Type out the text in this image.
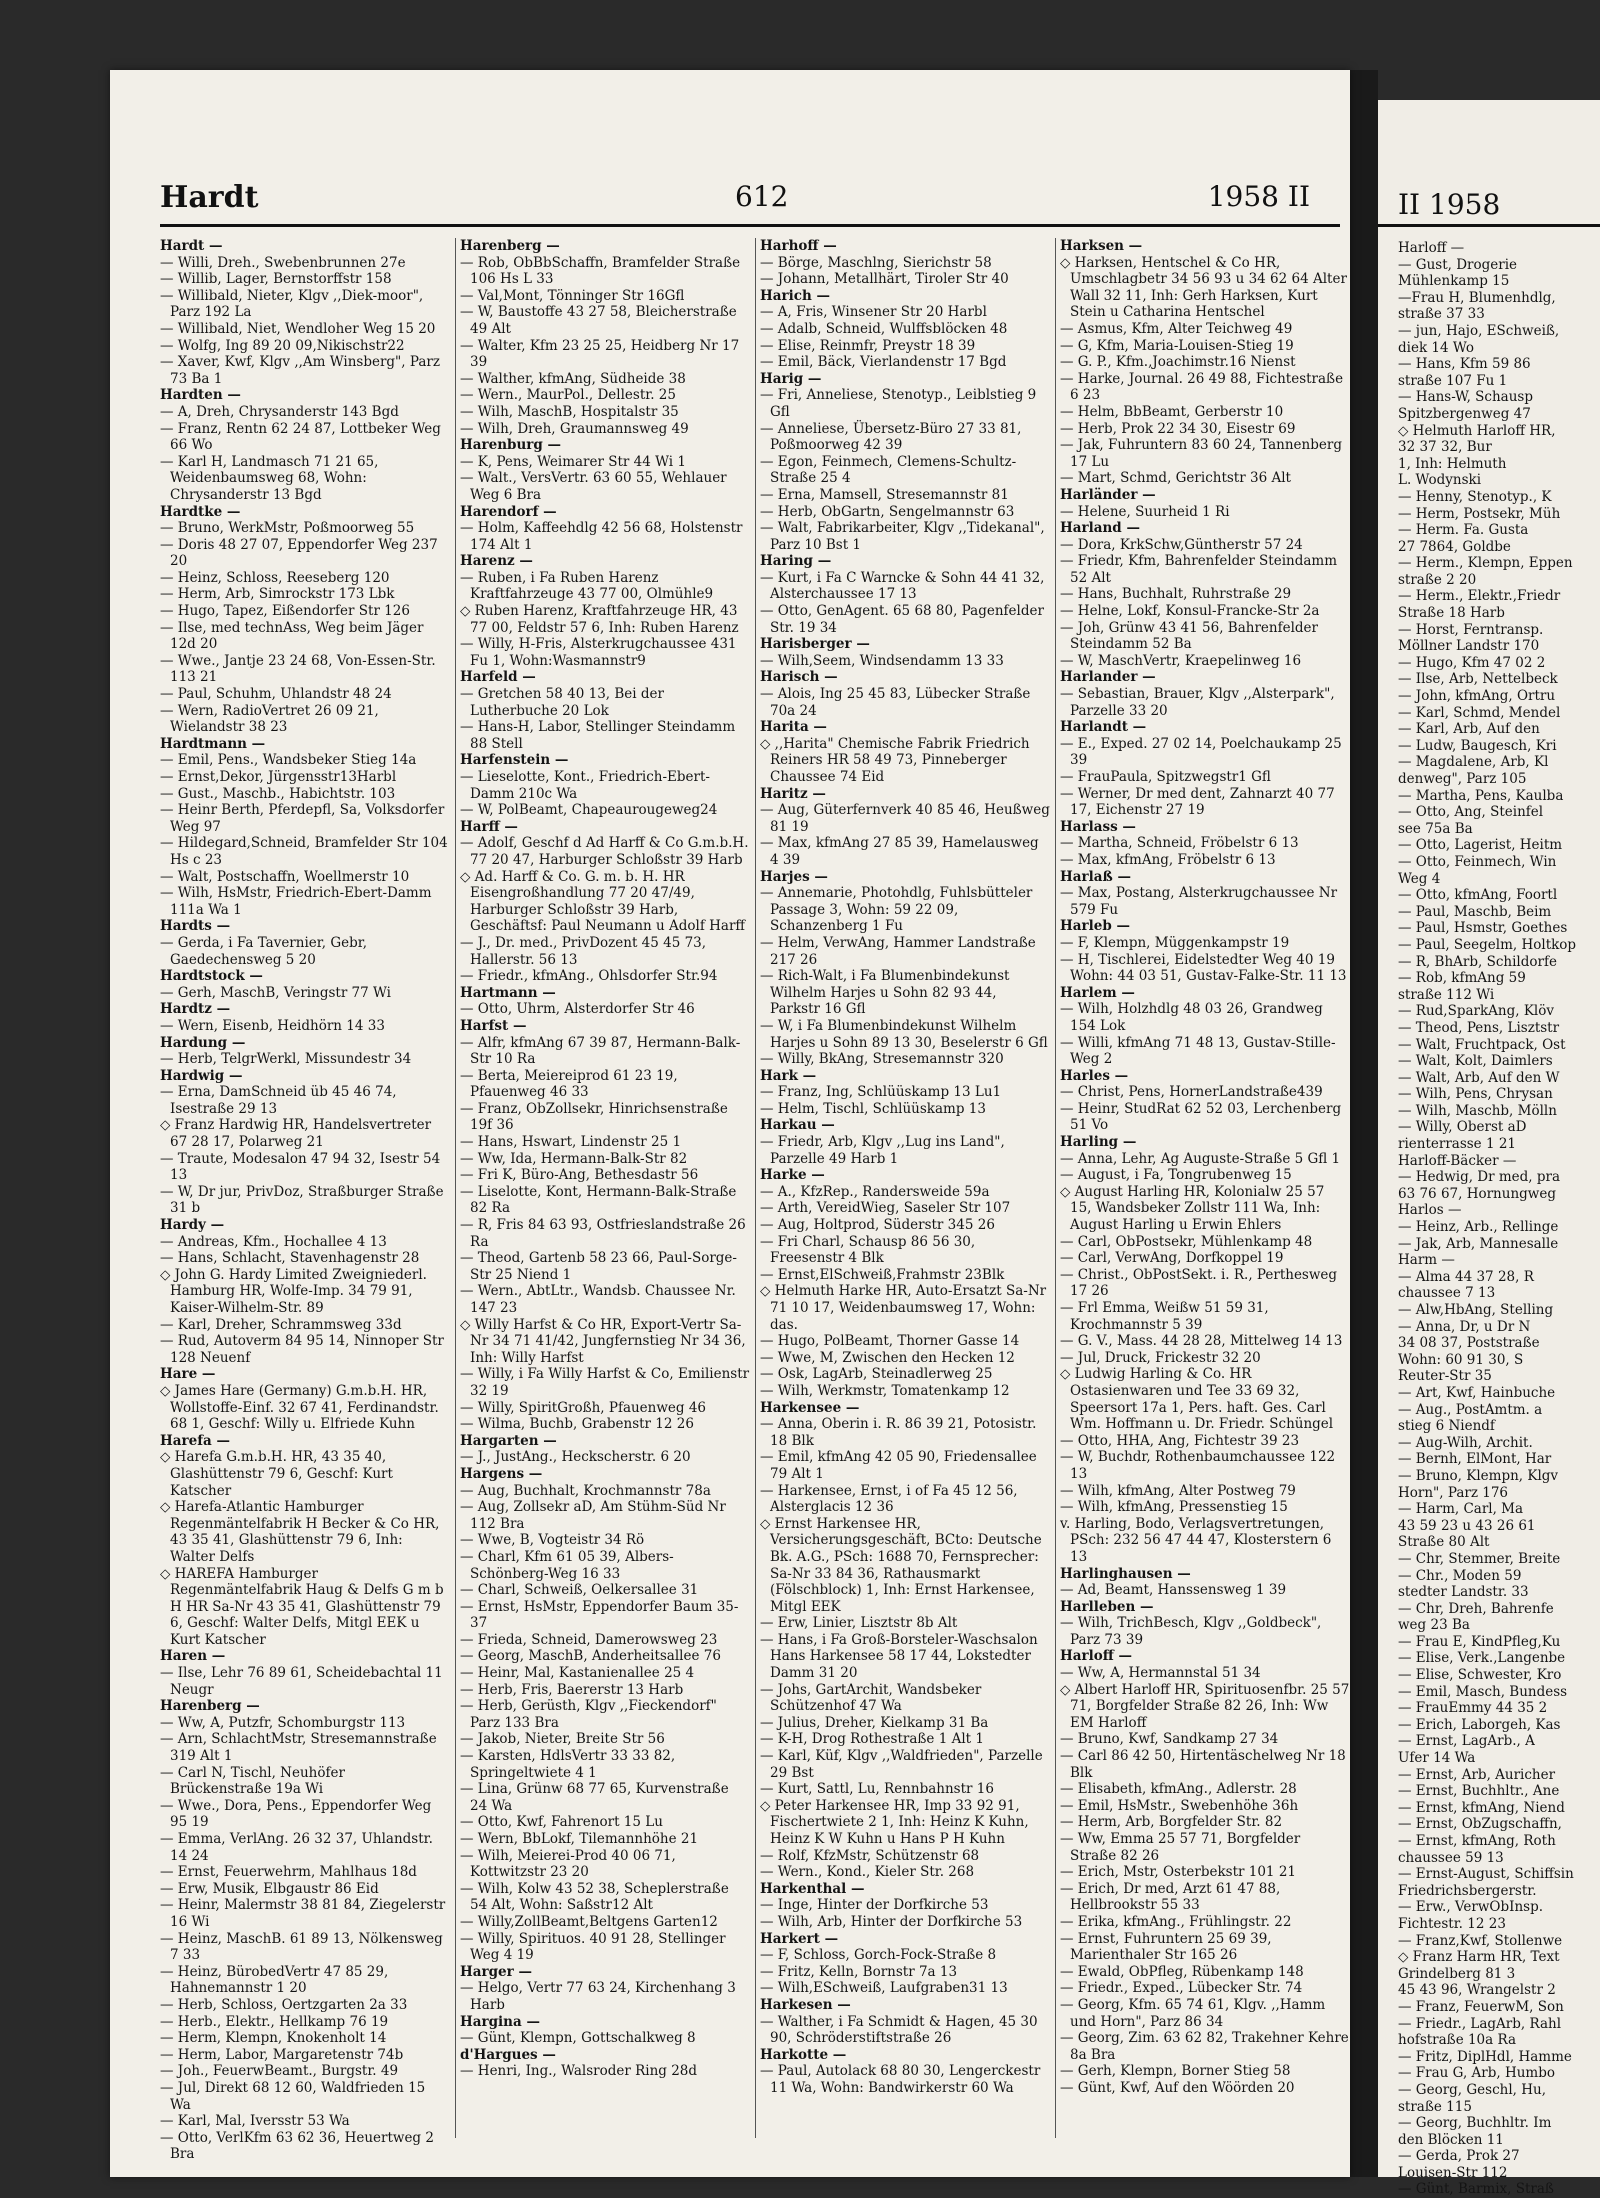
Hardt	612	1958 II

Hardt —

— Willi, Dreh., Swebenbrunnen 27e

— Willib, Lager, Bernstorffstr 158

— Willibald, Nieter, Klgv ,,Diek-moor", Parz 192 La

— Willibald, Niet, Wendloher Weg 15 20

— Wolfg, Ing 89 20 09,Nikischstr22

— Xaver, Kwf, Klgv ,,Am Winsberg", Parz 73 Ba 1

Hardten —

— A, Dreh, Chrysanderstr 143 Bgd

— Franz, Rentn 62 24 87, Lottbeker Weg 66 Wo

— Karl H, Landmasch 71 21 65, Weidenbaumsweg 68, Wohn: Chrysanderstr 13 Bgd

Hardtke —

— Bruno, WerkMstr, Poßmoorweg 55

— Doris 48 27 07, Eppendorfer Weg 237 20

— Heinz, Schloss, Reeseberg 120

— Herm, Arb, Simrockstr 173 Lbk

— Hugo, Tapez, Eißendorfer Str 126

— Ilse, med technAss, Weg beim Jäger 12d 20

— Wwe., Jantje 23 24 68, Von-Essen-Str. 113 21

— Paul, Schuhm, Uhlandstr 48 24

— Wern, RadioVertret 26 09 21, Wielandstr 38 23

Hardtmann —

— Emil, Pens., Wandsbeker Stieg 14a

— Ernst,Dekor, Jürgensstr13Harbl

— Gust., Maschb., Habichtstr. 103

— Heinr Berth, Pferdepfl, Sa, Volksdorfer Weg 97

— Hildegard,Schneid, Bramfelder Str 104 Hs c 23

— Walt, Postschaffn, Woellmerstr 10

— Wilh, HsMstr, Friedrich-Ebert-Damm 111a Wa 1

Hardts —

— Gerda, i Fa Tavernier, Gebr, Gaedechensweg 5 20

Hardtstock —

— Gerh, MaschB, Veringstr 77 Wi

Hardtz —

— Wern, Eisenb, Heidhörn 14 33

Hardung —

— Herb, TelgrWerkl, Missundestr 34

Hardwig —

— Erna, DamSchneid üb 45 46 74, Isestraße 29 13

◇ Franz Hardwig HR, Handelsvertreter 67 28 17, Polarweg 21

— Traute, Modesalon 47 94 32, Isestr 54 13

— W, Dr jur, PrivDoz, Straßburger Straße 31 b

Hardy —

— Andreas, Kfm., Hochallee 4 13

— Hans, Schlacht, Stavenhagenstr 28

◇ John G. Hardy Limited Zweigniederl. Hamburg HR, Wolfe-Imp. 34 79 91, Kaiser-Wilhelm-Str. 89

— Karl, Dreher, Schrammsweg 33d

— Rud, Autoverm 84 95 14, Ninnoper Str 128 Neuenf

Hare —

◇ James Hare (Germany) G.m.b.H. HR, Wollstoffe-Einf. 32 67 41, Ferdinandstr. 68 1, Geschf: Willy u. Elfriede Kuhn

Harefa —

◇ Harefa G.m.b.H. HR, 43 35 40, Glashüttenstr 79 6, Geschf: Kurt Katscher

◇ Harefa-Atlantic Hamburger Regenmäntelfabrik H Becker & Co HR, 43 35 41, Glashüttenstr 79 6, Inh: Walter Delfs

◇ HAREFA Hamburger Regenmäntelfabrik Haug & Delfs G m b H HR Sa-Nr 43 35 41, Glashüttenstr 79 6, Geschf: Walter Delfs, Mitgl EEK u Kurt Katscher

Haren —

— Ilse, Lehr 76 89 61, Scheidebachtal 11 Neugr

Harenberg —

— Ww, A, Putzfr, Schomburgstr 113

— Arn, SchlachtMstr, Stresemannstraße 319 Alt 1

— Carl N, Tischl, Neuhöfer Brückenstraße 19a Wi

— Wwe., Dora, Pens., Eppendorfer Weg 95 19

— Emma, VerlAng. 26 32 37, Uhlandstr. 14 24

— Ernst, Feuerwehrm, Mahlhaus 18d

— Erw, Musik, Elbgaustr 86 Eid

— Heinr, Malermstr 38 81 84, Ziegelerstr 16 Wi

— Heinz, MaschB. 61 89 13, Nölkensweg 7 33

— Heinz, BürobedVertr 47 85 29, Hahnemannstr 1 20

— Herb, Schloss, Oertzgarten 2a 33

— Herb., Elektr., Hellkamp 76 19

— Herm, Klempn, Knokenholt 14

— Herm, Labor, Margaretenstr 74b

— Joh., FeuerwBeamt., Burgstr. 49

— Jul, Direkt 68 12 60, Waldfrieden 15 Wa

— Karl, Mal, Iversstr 53 Wa

— Otto, VerlKfm 63 62 36, Heuertweg 2 Bra

Harenberg —

— Rob, ObBbSchaffn, Bramfelder Straße 106 Hs L 33

— Val,Mont, Tönninger Str 16Gfl

— W, Baustoffe 43 27 58, Bleicherstraße 49 Alt

— Walter, Kfm 23 25 25, Heidberg Nr 17 39

— Walther, kfmAng, Südheide 38

— Wern., MaurPol., Dellestr. 25

— Wilh, MaschB, Hospitalstr 35

— Wilh, Dreh, Graumannsweg 49

Harenburg —

— K, Pens, Weimarer Str 44 Wi 1

— Walt., VersVertr. 63 60 55, Wehlauer Weg 6 Bra

Harendorf —

— Holm, Kaffeehdlg 42 56 68, Holstenstr 174 Alt 1

Harenz —

— Ruben, i Fa Ruben Harenz Kraftfahrzeuge 43 77 00, Olmühle9

◇ Ruben Harenz, Kraftfahrzeuge HR, 43 77 00, Feldstr 57 6, Inh: Ruben Harenz

— Willy, H-Fris, Alsterkrugchaussee 431 Fu 1, Wohn:Wasmannstr9

Harfeld —

— Gretchen 58 40 13, Bei der Lutherbuche 20 Lok

— Hans-H, Labor, Stellinger Steindamm 88 Stell

Harfenstein —

— Lieselotte, Kont., Friedrich-Ebert-Damm 210c Wa

— W, PolBeamt, Chapeaurougeweg24

Harff —

— Adolf, Geschf d Ad Harff & Co G.m.b.H. 77 20 47, Harburger Schloßstr 39 Harb

◇ Ad. Harff & Co. G. m. b. H. HR Eisengroßhandlung 77 20 47/49, Harburger Schloßstr 39 Harb, Geschäftsf: Paul Neumann u Adolf Harff

— J., Dr. med., PrivDozent 45 45 73, Hallerstr. 56 13

— Friedr., kfmAng., Ohlsdorfer Str.94

Hartmann —

— Otto, Uhrm, Alsterdorfer Str 46

Harfst —

— Alfr, kfmAng 67 39 87, Hermann-Balk-Str 10 Ra

— Berta, Meiereiprod 61 23 19, Pfauenweg 46 33

— Franz, ObZollsekr, Hinrichsenstraße 19f 36

— Hans, Hswart, Lindenstr 25 1

— Ww, Ida, Hermann-Balk-Str 82

— Fri K, Büro-Ang, Bethesdastr 56

— Liselotte, Kont, Hermann-Balk-Straße 82 Ra

— R, Fris 84 63 93, Ostfrieslandstraße 26 Ra

— Theod, Gartenb 58 23 66, Paul-Sorge-Str 25 Niend 1

— Wern., AbtLtr., Wandsb. Chaussee Nr. 147 23

◇ Willy Harfst & Co HR, Export-Vertr Sa-Nr 34 71 41/42, Jungfernstieg Nr 34 36, Inh: Willy Harfst

— Willy, i Fa Willy Harfst & Co, Emilienstr 32 19

— Willy, SpiritGroßh, Pfauenweg 46

— Wilma, Buchb, Grabenstr 12 26

Hargarten —

— J., JustAng., Heckscherstr. 6 20

Hargens —

— Aug, Buchhalt, Krochmannstr 78a

— Aug, Zollsekr aD, Am Stühm-Süd Nr 112 Bra

— Wwe, B, Vogteistr 34 Rö

— Charl, Kfm 61 05 39, Albers-Schönberg-Weg 16 33

— Charl, Schweiß, Oelkersallee 31

— Ernst, HsMstr, Eppendorfer Baum 35-37

— Frieda, Schneid, Damerowsweg 23

— Georg, MaschB, Anderheitsallee 76

— Heinr, Mal, Kastanienallee 25 4

— Herb, Fris, Baererstr 13 Harb

— Herb, Gerüsth, Klgv ,,Fieckendorf" Parz 133 Bra

— Jakob, Nieter, Breite Str 56

— Karsten, HdlsVertr 33 33 82, Springeltwiete 4 1

— Lina, Grünw 68 77 65, Kurvenstraße 24 Wa

— Otto, Kwf, Fahrenort 15 Lu

— Wern, BbLokf, Tilemannhöhe 21

— Wilh, Meierei-Prod 40 06 71, Kottwitzstr 23 20

— Wilh, Kolw 43 52 38, Scheplerstraße 54 Alt, Wohn: Saßstr12 Alt

— Willy,ZollBeamt,Beltgens Garten12

— Willy, Spirituos. 40 91 28, Stellinger Weg 4 19

Harger —

— Helgo, Vertr 77 63 24, Kirchenhang 3 Harb

Hargina —

— Günt, Klempn, Gottschalkweg 8

d'Hargues —

— Henri, Ing., Walsroder Ring 28d

Harhoff —

— Börge, Maschlng, Sierichstr 58

— Johann, Metallhärt, Tiroler Str 40

Harich —

— A, Fris, Winsener Str 20 Harbl

— Adalb, Schneid, Wulffsblöcken 48

— Elise, Reinmfr, Preystr 18 39

— Emil, Bäck, Vierlandenstr 17 Bgd

Harig —

— Fri, Anneliese, Stenotyp., Leiblstieg 9 Gfl

— Anneliese, Übersetz-Büro 27 33 81, Poßmoorweg 42 39

— Egon, Feinmech, Clemens-Schultz-Straße 25 4

— Erna, Mamsell, Stresemannstr 81

— Herb, ObGartn, Sengelmannstr 63

— Walt, Fabrikarbeiter, Klgv ,,Tidekanal", Parz 10 Bst 1

Haring —

— Kurt, i Fa C Warncke & Sohn 44 41 32, Alsterchaussee 17 13

— Otto, GenAgent. 65 68 80, Pagenfelder Str. 19 34

Harisberger —

— Wilh,Seem, Windsendamm 13 33

Harisch —

— Alois, Ing 25 45 83, Lübecker Straße 70a 24

Harita —

◇ ,,Harita" Chemische Fabrik Friedrich Reiners HR 58 49 73, Pinneberger Chaussee 74 Eid

Haritz —

— Aug, Güterfernverk 40 85 46, Heußweg 81 19

— Max, kfmAng 27 85 39, Hamelausweg 4 39

Harjes —

— Annemarie, Photohdlg, Fuhlsbütteler Passage 3, Wohn: 59 22 09, Schanzenberg 1 Fu

— Helm, VerwAng, Hammer Landstraße 217 26

— Rich-Walt, i Fa Blumenbindekunst Wilhelm Harjes u Sohn 82 93 44, Parkstr 16 Gfl

— W, i Fa Blumenbindekunst Wilhelm Harjes u Sohn 89 13 30, Beselerstr 6 Gfl

— Willy, BkAng, Stresemannstr 320

Hark —

— Franz, Ing, Schlüüskamp 13 Lu1

— Helm, Tischl, Schlüüskamp 13

Harkau —

— Friedr, Arb, Klgv ,,Lug ins Land", Parzelle 49 Harb 1

Harke —

— A., KfzRep., Randersweide 59a

— Arth, VereidWieg, Saseler Str 107

— Aug, Holtprod, Süderstr 345 26

— Fri Charl, Schausp 86 56 30, Freesenstr 4 Blk

— Ernst,ElSchweiß,Frahmstr 23Blk

◇ Helmuth Harke HR, Auto-Ersatzt Sa-Nr 71 10 17, Weidenbaumsweg 17, Wohn: das.

— Hugo, PolBeamt, Thorner Gasse 14

— Wwe, M, Zwischen den Hecken 12

— Osk, LagArb, Steinadlerweg 25

— Wilh, Werkmstr, Tomatenkamp 12

Harkensee —

— Anna, Oberin i. R. 86 39 21, Potosistr. 18 Blk

— Emil, kfmAng 42 05 90, Friedensallee 79 Alt 1

— Harkensee, Ernst, i of Fa 45 12 56, Alsterglacis 12 36

◇ Ernst Harkensee HR, Versicherungsgeschäft, BCto: Deutsche Bk. A.G., PSch: 1688 70, Fernsprecher: Sa-Nr 33 84 36, Rathausmarkt (Fölschblock) 1, Inh: Ernst Harkensee, Mitgl EEK

— Erw, Linier, Lisztstr 8b Alt

— Hans, i Fa Groß-Borsteler-Waschsalon Hans Harkensee 58 17 44, Lokstedter Damm 31 20

— Johs, GartArchit, Wandsbeker Schützenhof 47 Wa

— Julius, Dreher, Kielkamp 31 Ba

— K-H, Drog Rothestraße 1 Alt 1

— Karl, Küf, Klgv ,,Waldfrieden", Parzelle 29 Bst

— Kurt, Sattl, Lu, Rennbahnstr 16

◇ Peter Harkensee HR, Imp 33 92 91, Fischertwiete 2 1, Inh: Heinz K Kuhn, Heinz K W Kuhn u Hans P H Kuhn

— Rolf, KfzMstr, Schützenstr 68

— Wern., Kond., Kieler Str. 268

Harkenthal —

— Inge, Hinter der Dorfkirche 53

— Wilh, Arb, Hinter der Dorfkirche 53

Harkert —

— F, Schloss, Gorch-Fock-Straße 8

— Fritz, Kelln, Bornstr 7a 13

— Wilh,ESchweiß, Laufgraben31 13

Harkesen —

— Walther, i Fa Schmidt & Hagen, 45 30 90, Schröderstiftstraße 26

Harkotte —

— Paul, Autolack 68 80 30, Lengerckestr 11 Wa, Wohn: Bandwirkerstr 60 Wa

Harksen —

◇ Harksen, Hentschel & Co HR, Umschlagbetr 34 56 93 u 34 62 64 Alter Wall 32 11, Inh: Gerh Harksen, Kurt Stein u Catharina Hentschel

— Asmus, Kfm, Alter Teichweg 49

— G, Kfm, Maria-Louisen-Stieg 19

— G. P., Kfm.,Joachimstr.16 Nienst

— Harke, Journal. 26 49 88, Fichtestraße 6 23

— Helm, BbBeamt, Gerberstr 10

— Herb, Prok 22 34 30, Eisestr 69

— Jak, Fuhruntern 83 60 24, Tannenberg 17 Lu

— Mart, Schmd, Gerichtstr 36 Alt

Harländer —

— Helene, Suurheid 1 Ri

Harland —

— Dora, KrkSchw,Güntherstr 57 24

— Friedr, Kfm, Bahrenfelder Steindamm 52 Alt

— Hans, Buchhalt, Ruhrstraße 29

— Helne, Lokf, Konsul-Francke-Str 2a

— Joh, Grünw 43 41 56, Bahrenfelder Steindamm 52 Ba

— W, MaschVertr, Kraepelinweg 16

Harlander —

— Sebastian, Brauer, Klgv ,,Alsterpark", Parzelle 33 20

Harlandt —

— E., Exped. 27 02 14, Poelchaukamp 25 39

— FrauPaula, Spitzwegstr1 Gfl

— Werner, Dr med dent, Zahnarzt 40 77 17, Eichenstr 27 19

Harlass —

— Martha, Schneid, Fröbelstr 6 13

— Max, kfmAng, Fröbelstr 6 13

Harlaß —

— Max, Postang, Alsterkrugchaussee Nr 579 Fu

Harleb —

— F, Klempn, Müggenkampstr 19

— H, Tischlerei, Eidelstedter Weg 40 19 Wohn: 44 03 51, Gustav-Falke-Str. 11 13

Harlem —

— Wilh, Holzhdlg 48 03 26, Grandweg 154 Lok

— Willi, kfmAng 71 48 13, Gustav-Stille-Weg 2

Harles —

— Christ, Pens, HornerLandstraße439

— Heinr, StudRat 62 52 03, Lerchenberg 51 Vo

Harling —

— Anna, Lehr, Ag Auguste-Straße 5 Gfl 1

— August, i Fa, Tongrubenweg 15

◇ August Harling HR, Kolonialw 25 57 15, Wandsbeker Zollstr 111 Wa, Inh: August Harling u Erwin Ehlers

— Carl, ObPostsekr, Mühlenkamp 48

— Carl, VerwAng, Dorfkoppel 19

— Christ., ObPostSekt. i. R., Perthesweg 17 26

— Frl Emma, Weißw 51 59 31, Krochmannstr 5 39

— G. V., Mass. 44 28 28, Mittelweg 14 13

— Jul, Druck, Frickestr 32 20

◇ Ludwig Harling & Co. HR Ostasienwaren und Tee 33 69 32, Speersort 17a 1, Pers. haft. Ges. Carl Wm. Hoffmann u. Dr. Friedr. Schüngel

— Otto, HHA, Ang, Fichtestr 39 23

— W, Buchdr, Rothenbaumchaussee 122 13

— Wilh, kfmAng, Alter Postweg 79

— Wilh, kfmAng, Pressenstieg 15

v. Harling, Bodo, Verlagsvertretungen, PSch: 232 56 47 44 47, Klosterstern 6 13

Harlinghausen —

— Ad, Beamt, Hanssensweg 1 39

Harlleben —

— Wilh, TrichBesch, Klgv ,,Goldbeck", Parz 73 39

Harloff —

— Ww, A, Hermannstal 51 34

◇ Albert Harloff HR, Spirituosenfbr. 25 57 71, Borgfelder Straße 82 26, Inh: Ww EM Harloff

— Bruno, Kwf, Sandkamp 27 34

— Carl 86 42 50, Hirtentäschelweg Nr 18 Blk

— Elisabeth, kfmAng., Adlerstr. 28

— Emil, HsMstr., Swebenhöhe 36h

— Herm, Arb, Borgfelder Str. 82

— Ww, Emma 25 57 71, Borgfelder Straße 82 26

— Erich, Mstr, Osterbekstr 101 21

— Erich, Dr med, Arzt 61 47 88, Hellbrookstr 55 33

— Erika, kfmAng., Frühlingstr. 22

— Ernst, Fuhruntern 25 69 39, Marienthaler Str 165 26

— Ewald, ObPfleg, Rübenkamp 148

— Friedr., Exped., Lübecker Str. 74

— Georg, Kfm. 65 74 61, Klgv. ,,Hamm und Horn", Parz 86 34

— Georg, Zim. 63 62 82, Trakehner Kehre 8a Bra

— Gerh, Klempn, Borner Stieg 58

— Günt, Kwf, Auf den Wöörden 20

II 1958
Harloff —
— Gust, Drogerie
Mühlenkamp 15
—Frau H, Blumenhdlg,
straße 37 33
— jun, Hajo, ESchweiß,
diek 14 Wo
— Hans, Kfm 59 86
straße 107 Fu 1
— Hans-W, Schausp
Spitzbergenweg 47
◇ Helmuth Harloff HR,
32 37 32, Bur
1, Inh: Helmuth
L. Wodynski
— Henny, Stenotyp., K
— Herm, Postsekr, Müh
— Herm. Fa. Gusta
27 7864, Goldbe
— Herm., Klempn, Eppen
straße 2 20
— Herm., Elektr.,Friedr
Straße 18 Harb
— Horst, Ferntransp.
Möllner Landstr 170
— Hugo, Kfm 47 02 2
— Ilse, Arb, Nettelbeck
— John, kfmAng, Ortru
— Karl, Schmd, Mendel
— Karl, Arb, Auf den
— Ludw, Baugesch, Kri
— Magdalene, Arb, Kl
denweg", Parz 105
— Martha, Pens, Kaulba
— Otto, Ang, Steinfel
see 75a Ba
— Otto, Lagerist, Heitm
— Otto, Feinmech, Win
Weg 4
— Otto, kfmAng, Foortl
— Paul, Maschb, Beim
— Paul, Hsmstr, Goethes
— Paul, Seegelm, Holtkop
— R, BhArb, Schildorfe
— Rob, kfmAng 59
straße 112 Wi
— Rud,SparkAng, Klöv
— Theod, Pens, Lisztstr
— Walt, Fruchtpack, Ost
— Walt, Kolt, Daimlers
— Walt, Arb, Auf den W
— Wilh, Pens, Chrysan
— Wilh, Maschb, Mölln
— Willy, Oberst aD
rienterrasse 1 21
Harloff-Bäcker —
— Hedwig, Dr med, pra
63 76 67, Hornungweg
Harlos —
— Heinz, Arb., Rellinge
— Jak, Arb, Mannesalle
Harm —
— Alma 44 37 28, R
chaussee 7 13
— Alw,HbAng, Stelling
— Anna, Dr, u Dr N
34 08 37, Poststraße
Wohn: 60 91 30, S
Reuter-Str 35
— Art, Kwf, Hainbuche
— Aug., PostAmtm. a
stieg 6 Niendf
— Aug-Wilh, Archit.
— Bernh, ElMont, Har
— Bruno, Klempn, Klgv
Horn", Parz 176
— Harm, Carl, Ma
43 59 23 u 43 26 61
Straße 80 Alt
— Chr, Stemmer, Breite
— Chr., Moden 59
stedter Landstr. 33
— Chr, Dreh, Bahrenfe
weg 23 Ba
— Frau E, KindPfleg,Ku
— Elise, Verk.,Langenbe
— Elise, Schwester, Kro
— Emil, Masch, Bundess
— FrauEmmy 44 35 2
— Erich, Laborgeh, Kas
— Ernst, LagArb., A
Ufer 14 Wa
— Ernst, Arb, Auricher
— Ernst, Buchhltr., Ane
— Ernst, kfmAng, Niend
— Ernst, ObZugschaffn,
— Ernst, kfmAng, Roth
chaussee 59 13
— Ernst-August, Schiffsin
Friedrichsbergerstr.
— Erw., VerwObInsp.
Fichtestr. 12 23
— Franz,Kwf, Stollenwe
◇ Franz Harm HR, Text
Grindelberg 81 3
45 43 96, Wrangelstr 2
— Franz, FeuerwM, Son
— Friedr., LagArb, Rahl
hofstraße 10a Ra
— Fritz, DiplHdl, Hamme
— Frau G, Arb, Humbo
— Georg, Geschl, Hu,
straße 115
— Georg, Buchhltr. Im
den Blöcken 11
— Gerda, Prok 27
Louisen-Str 112
— Günt, Barmix, Straß
